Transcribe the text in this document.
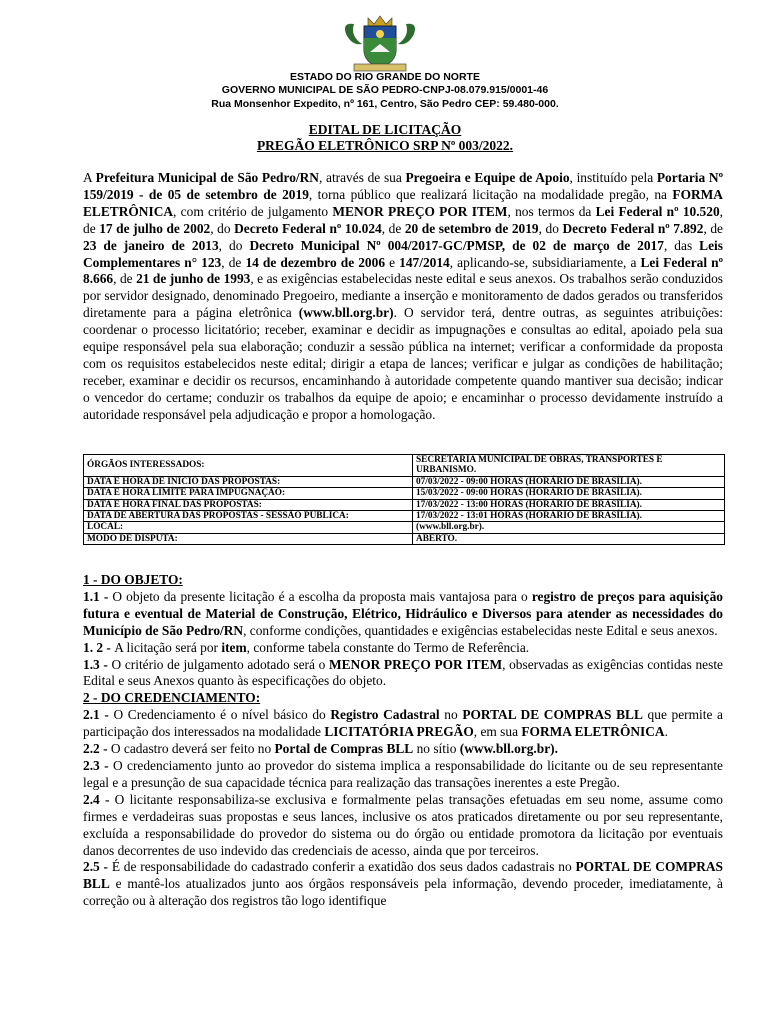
ESTADO DO RIO GRANDE DO NORTE
GOVERNO MUNICIPAL DE SÃO PEDRO-CNPJ-08.079.915/0001-46
Rua Monsenhor Expedito, nº 161, Centro, São Pedro CEP: 59.480-000.
EDITAL DE LICITAÇÃO
PREGÃO ELETRÔNICO SRP Nº 003/2022.

A Prefeitura Municipal de São Pedro/RN, através de sua Pregoeira e Equipe de Apoio, instituído pela Portaria Nº 159/2019 - de 05 de setembro de 2019, torna público que realizará licitação na modalidade pregão, na FORMA ELETRÔNICA, com critério de julgamento MENOR PREÇO POR ITEM, nos termos da Lei Federal nº 10.520, de 17 de julho de 2002, do Decreto Federal nº 10.024, de 20 de setembro de 2019, do Decreto Federal nº 7.892, de 23 de janeiro de 2013, do Decreto Municipal Nº 004/2017-GC/PMSP, de 02 de março de 2017, das Leis Complementares n° 123, de 14 de dezembro de 2006 e 147/2014, aplicando-se, subsidiariamente, a Lei Federal nº 8.666, de 21 de junho de 1993, e as exigências estabelecidas neste edital e seus anexos. Os trabalhos serão conduzidos por servidor designado, denominado Pregoeiro, mediante a inserção e monitoramento de dados gerados ou transferidos diretamente para a página eletrônica (www.bll.org.br). O servidor terá, dentre outras, as seguintes atribuições: coordenar o processo licitatório; receber, examinar e decidir as impugnações e consultas ao edital, apoiado pela sua equipe responsável pela sua elaboração; conduzir a sessão pública na internet; verificar a conformidade da proposta com os requisitos estabelecidos neste edital; dirigir a etapa de lances; verificar e julgar as condições de habilitação; receber, examinar e decidir os recursos, encaminhando à autoridade competente quando mantiver sua decisão; indicar o vencedor do certame; conduzir os trabalhos da equipe de apoio; e encaminhar o processo devidamente instruído a autoridade responsável pela adjudicação e propor a homologação.

ÓRGÃOS INTERESSADOS:	SECRETARIA MUNICIPAL DE OBRAS, TRANSPORTES E URBANISMO.
DATA E HORA DE INICIO DAS PROPOSTAS:	07/03/2022 - 09:00 HORAS (HORÁRIO DE BRASÍLIA).
DATA E HORA LIMITE PARA IMPUGNAÇÃO:	15/03/2022 - 09:00 HORAS (HORÁRIO DE BRASÍLIA).
DATA E HORA FINAL DAS PROPOSTAS:	17/03/2022 - 13:00 HORAS (HORÁRIO DE BRASÍLIA).
DATA DE ABERTURA DAS PROPOSTAS - SESSÃO PÚBLICA:	17/03/2022 - 13:01 HORAS (HORÁRIO DE BRASÍLIA).
LOCAL:	(www.bll.org.br).
MODO DE DISPUTA:	ABERTO.

1 - DO OBJETO:

1.1 - O objeto da presente licitação é a escolha da proposta mais vantajosa para o registro de preços para aquisição futura e eventual de Material de Construção, Elétrico, Hidráulico e Diversos para atender as necessidades do Município de São Pedro/RN, conforme condições, quantidades e exigências estabelecidas neste Edital e seus anexos.

1. 2 - A licitação será por item, conforme tabela constante do Termo de Referência.

1.3 - O critério de julgamento adotado será o MENOR PREÇO POR ITEM, observadas as exigências contidas neste Edital e seus Anexos quanto às especificações do objeto.

2 - DO CREDENCIAMENTO:

2.1 - O Credenciamento é o nível básico do Registro Cadastral no PORTAL DE COMPRAS BLL que permite a participação dos interessados na modalidade LICITATÓRIA PREGÃO, em sua FORMA ELETRÔNICA.

2.2 - O cadastro deverá ser feito no Portal de Compras BLL no sítio (www.bll.org.br).

2.3 - O credenciamento junto ao provedor do sistema implica a responsabilidade do licitante ou de seu representante legal e a presunção de sua capacidade técnica para realização das transações inerentes a este Pregão.

2.4 - O licitante responsabiliza-se exclusiva e formalmente pelas transações efetuadas em seu nome, assume como firmes e verdadeiras suas propostas e seus lances, inclusive os atos praticados diretamente ou por seu representante, excluída a responsabilidade do provedor do sistema ou do órgão ou entidade promotora da licitação por eventuais danos decorrentes de uso indevido das credenciais de acesso, ainda que por terceiros.

2.5 - É de responsabilidade do cadastrado conferir a exatidão dos seus dados cadastrais no PORTAL DE COMPRAS BLL e mantê-los atualizados junto aos órgãos responsáveis pela informação, devendo proceder, imediatamente, à correção ou à alteração dos registros tão logo identifique
